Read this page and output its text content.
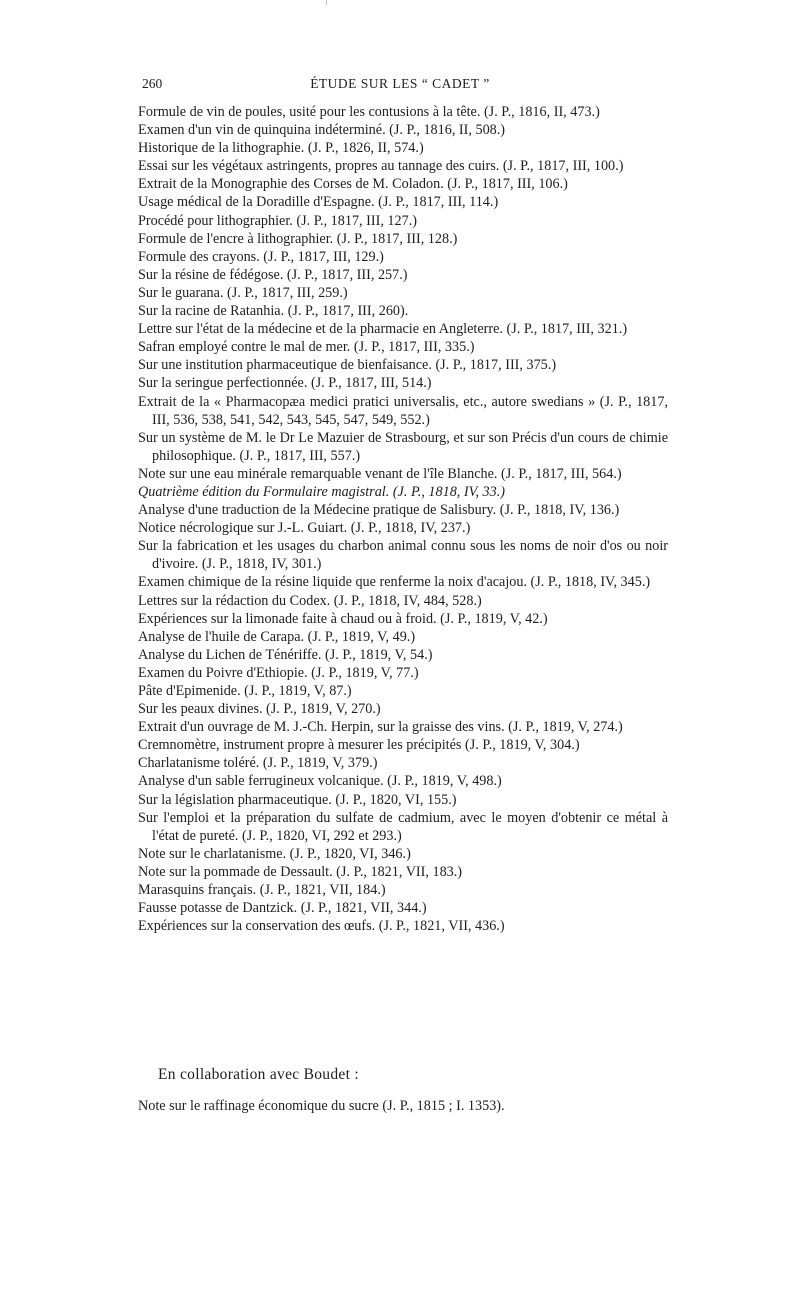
260	ÉTUDE SUR LES “ CADET ”
Formule de vin de poules, usité pour les contusions à la tête. (J. P., 1816, II, 473.)
Examen d'un vin de quinquina indéterminé. (J. P., 1816, II, 508.)
Historique de la lithographie. (J. P., 1826, II, 574.)
Essai sur les végétaux astringents, propres au tannage des cuirs. (J. P., 1817, III, 100.)
Extrait de la Monographie des Corses de M. Coladon. (J. P., 1817, III, 106.)
Usage médical de la Doradille d'Espagne. (J. P., 1817, III, 114.)
Procédé pour lithographier. (J. P., 1817, III, 127.)
Formule de l'encre à lithographier. (J. P., 1817, III, 128.)
Formule des crayons. (J. P., 1817, III, 129.)
Sur la résine de fédégose. (J. P., 1817, III, 257.)
Sur le guarana. (J. P., 1817, III, 259.)
Sur la racine de Ratanhia. (J. P., 1817, III, 260).
Lettre sur l'état de la médecine et de la pharmacie en Angleterre. (J. P., 1817, III, 321.)
Safran employé contre le mal de mer. (J. P., 1817, III, 335.)
Sur une institution pharmaceutique de bienfaisance. (J. P., 1817, III, 375.)
Sur la seringue perfectionnée. (J. P., 1817, III, 514.)
Extrait de la « Pharmacopæa medici pratici universalis, etc., autore swedians » (J. P., 1817, III, 536, 538, 541, 542, 543, 545, 547, 549, 552.)
Sur un système de M. le Dr Le Mazuier de Strasbourg, et sur son Précis d'un cours de chimie philosophique. (J. P., 1817, III, 557.)
Note sur une eau minérale remarquable venant de l'île Blanche. (J. P., 1817, III, 564.)
Quatrième édition du Formulaire magistral. (J. P., 1818, IV, 33.)
Analyse d'une traduction de la Médecine pratique de Salisbury. (J. P., 1818, IV, 136.)
Notice nécrologique sur J.-L. Guiart. (J. P., 1818, IV, 237.)
Sur la fabrication et les usages du charbon animal connu sous les noms de noir d'os ou noir d'ivoire. (J. P., 1818, IV, 301.)
Examen chimique de la résine liquide que renferme la noix d'acajou. (J. P., 1818, IV, 345.)
Lettres sur la rédaction du Codex. (J. P., 1818, IV, 484, 528.)
Expériences sur la limonade faite à chaud ou à froid. (J. P., 1819, V, 42.)
Analyse de l'huile de Carapa. (J. P., 1819, V, 49.)
Analyse du Lichen de Ténériffe. (J. P., 1819, V, 54.)
Examen du Poivre d'Ethiopie. (J. P., 1819, V, 77.)
Pâte d'Epimenide. (J. P., 1819, V, 87.)
Sur les peaux divines. (J. P., 1819, V, 270.)
Extrait d'un ouvrage de M. J.-Ch. Herpin, sur la graisse des vins. (J. P., 1819, V, 274.)
Cremnomètre, instrument propre à mesurer les précipités (J. P., 1819, V, 304.)
Charlatanisme toléré. (J. P., 1819, V, 379.)
Analyse d'un sable ferrugineux volcanique. (J. P., 1819, V, 498.)
Sur la législation pharmaceutique. (J. P., 1820, VI, 155.)
Sur l'emploi et la préparation du sulfate de cadmium, avec le moyen d'obtenir ce métal à l'état de pureté. (J. P., 1820, VI, 292 et 293.)
Note sur le charlatanisme. (J. P., 1820, VI, 346.)
Note sur la pommade de Dessault. (J. P., 1821, VII, 183.)
Marasquins français. (J. P., 1821, VII, 184.)
Fausse potasse de Dantzick. (J. P., 1821, VII, 344.)
Expériences sur la conservation des œufs. (J. P., 1821, VII, 436.)
En collaboration avec Boudet :

Note sur le raffinage économique du sucre (J. P., 1815 ; I. 1353).
